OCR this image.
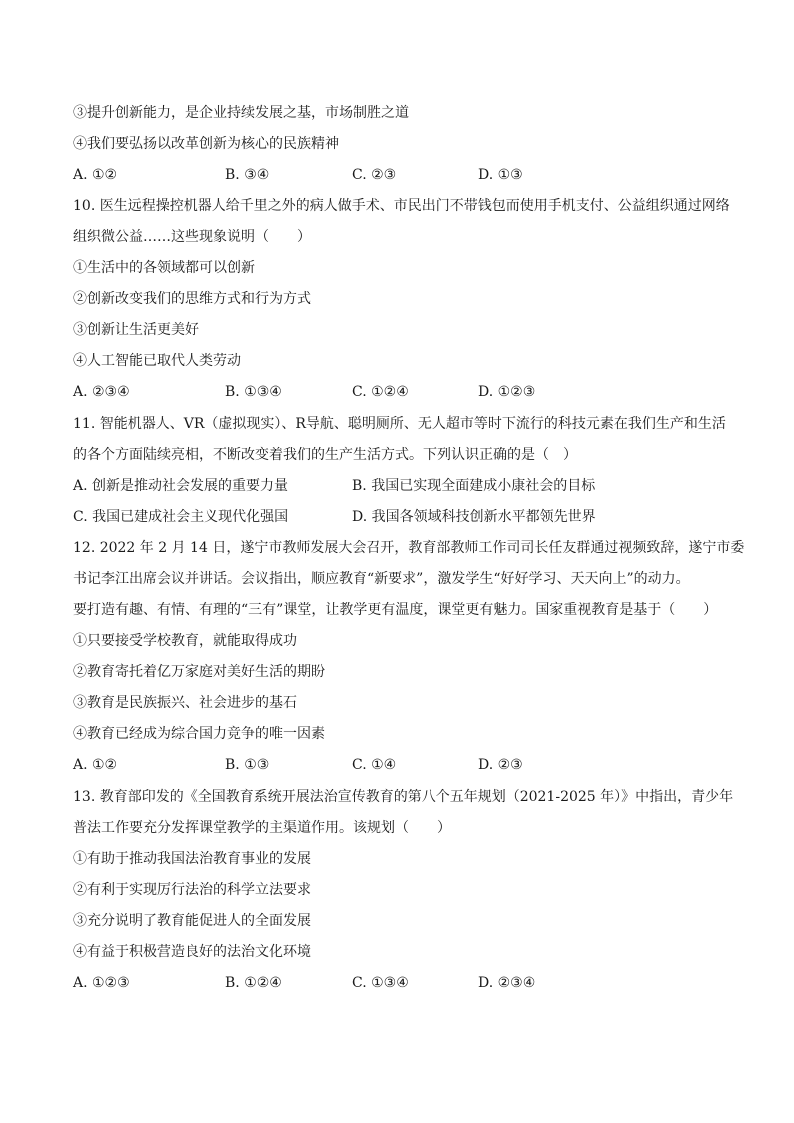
③提升创新能力，是企业持续发展之基，市场制胜之道
④我们要弘扬以改革创新为核心的民族精神
A. ①②	B. ③④	C. ②③	D. ①③
10. 医生远程操控机器人给千里之外的病人做手术、市民出门不带钱包而使用手机支付、公益组织通过网络
组织微公益……这些现象说明（　　）
①生活中的各领域都可以创新
②创新改变我们的思维方式和行为方式
③创新让生活更美好
④人工智能已取代人类劳动
A. ②③④	B. ①③④	C. ①②④	D. ①②③
11. 智能机器人、VR（虚拟现实）、R导航、聪明厕所、无人超市等时下流行的科技元素在我们生产和生活
的各个方面陆续亮相，不断改变着我们的生产生活方式。下列认识正确的是（　）
A. 创新是推动社会发展的重要力量	B. 我国已实现全面建成小康社会的目标
C. 我国已建成社会主义现代化强国	D. 我国各领域科技创新水平都领先世界
12. 2022 年 2 月 14 日，遂宁市教师发展大会召开，教育部教师工作司司长任友群通过视频致辞，遂宁市委
书记李江出席会议并讲话。会议指出，顺应教育“新要求”，激发学生“好好学习、天天向上”的动力。
要打造有趣、有情、有理的“三有”课堂，让教学更有温度，课堂更有魅力。国家重视教育是基于（　　）
①只要接受学校教育，就能取得成功
②教育寄托着亿万家庭对美好生活的期盼
③教育是民族振兴、社会进步的基石
④教育已经成为综合国力竞争的唯一因素
A. ①②	B. ①③	C. ①④	D. ②③
13. 教育部印发的《全国教育系统开展法治宣传教育的第八个五年规划（2021-2025 年）》中指出，青少年
普法工作要充分发挥课堂教学的主渠道作用。该规划（　　）
①有助于推动我国法治教育事业的发展
②有利于实现厉行法治的科学立法要求
③充分说明了教育能促进人的全面发展
④有益于积极营造良好的法治文化环境
A. ①②③	B. ①②④	C. ①③④	D. ②③④
